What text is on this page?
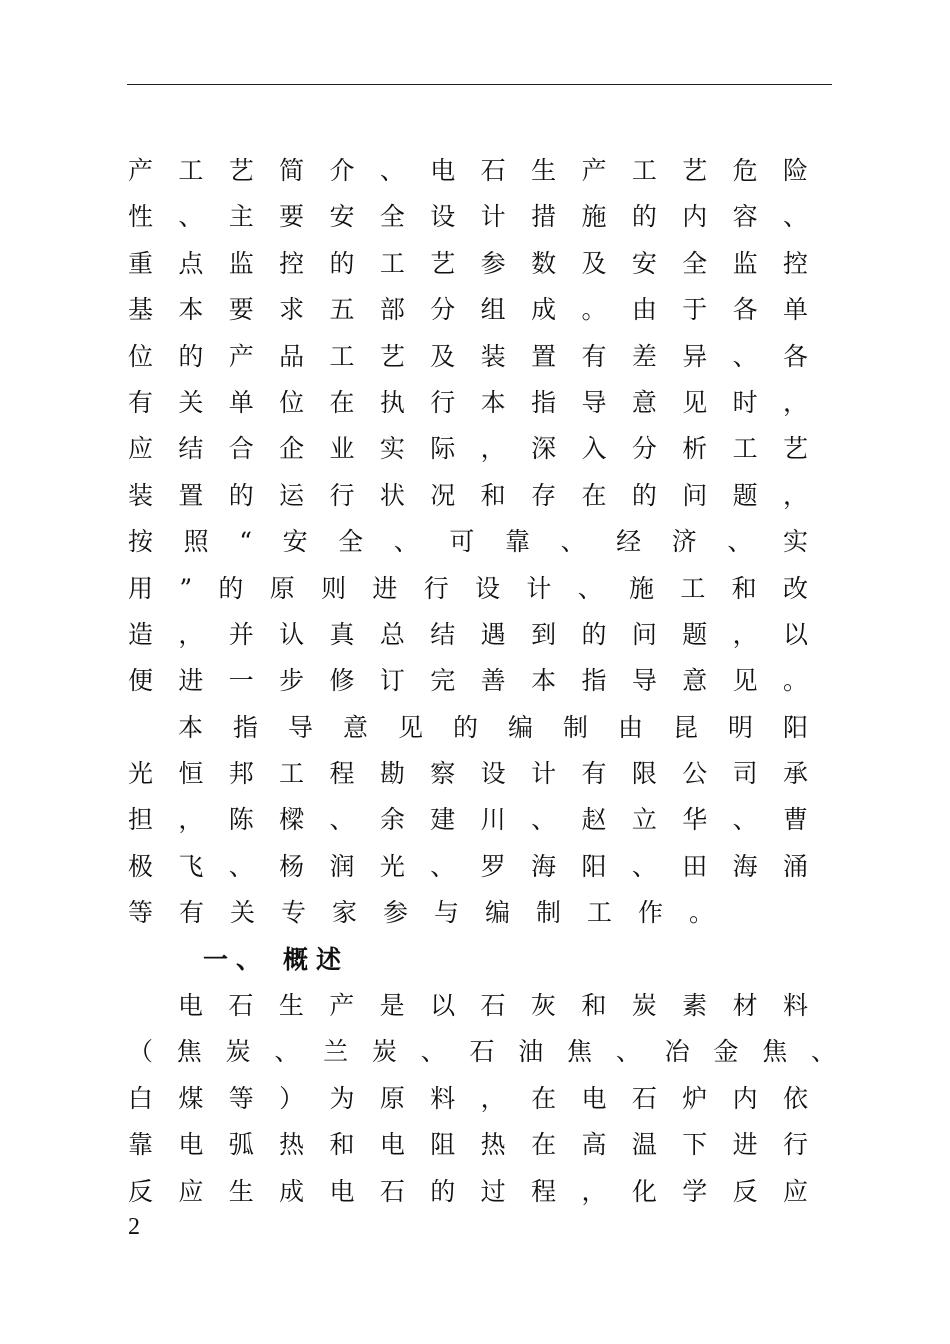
产工艺简介、电石生产工艺危险
性、主要安全设计措施的内容、
重点监控的工艺参数及安全监控
基本要求五部分组成。由于各单
位的产品工艺及装置有差异、各
有关单位在执行本指导意见时，
应结合企业实际，深入分析工艺
装置的运行状况和存在的问题，
按照“安全、可靠、经济、实
用”的原则进行设计、施工和改
造，并认真总结遇到的问题，以
便进一步修订完善本指导意见。
本指导意见的编制由昆明阳
光恒邦工程勘察设计有限公司承
担，陈樑、余建川、赵立华、曹
极飞、杨润光、罗海阳、田海涌
等有关专家参与编制工作。
一、 概述
电石生产是以石灰和炭素材料
（焦炭、兰炭、石油焦、冶金焦、
白煤等）为原料，在电石炉内依
靠电弧热和电阻热在高温下进行
反应生成电石的过程，化学反应
2
